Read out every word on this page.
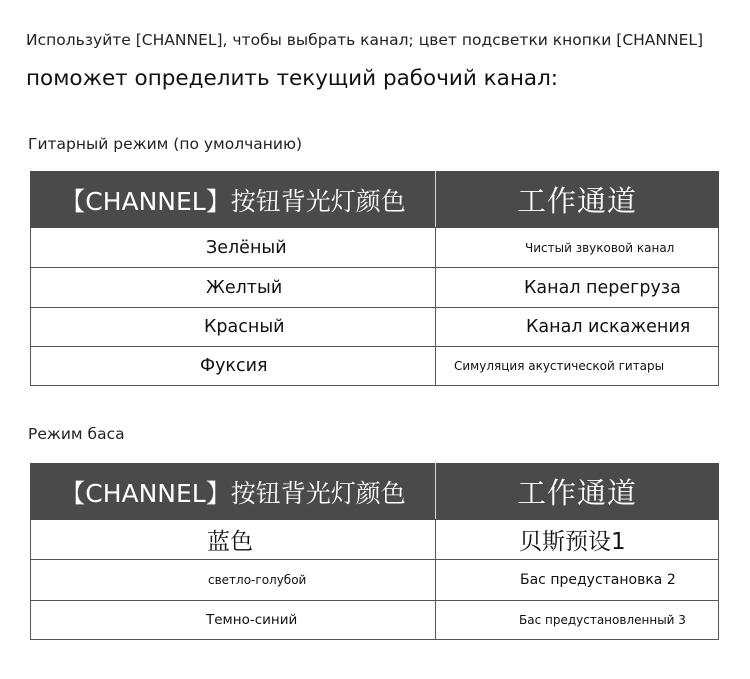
Используйте [CHANNEL], чтобы выбрать канал; цвет подсветки кнопки [CHANNEL]
поможет определить текущий рабочий канал:
Гитарный режим (по умолчанию)
【CHANNEL】按钮背光灯颜色	工作通道

Зелёный	Чистый звуковой канал

Желтый	Канал перегруза

Красный	Канал искажения

Фуксия	Симуляция акустической гитары
Режим баса
【CHANNEL】按钮背光灯颜色	工作通道

蓝色	贝斯预设1

светло-голубой	Бас предустановка 2

Темно-синий	Бас предустановленный 3
